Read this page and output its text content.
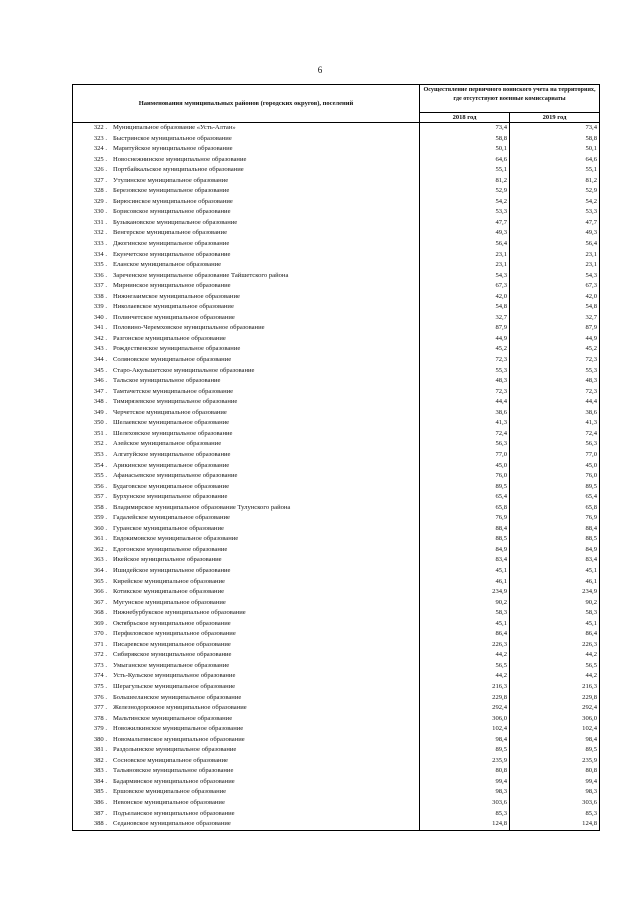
6
Наименования муниципальных районов (городских округов), поселений
Осуществление первичного воинского учета на территориях, где отсутствуют военные комиссариаты
2018 год	2019 год
322 . Муниципальное образование «Усть-Алтан»	73,4	73,4
323 . Быстринское муниципальное образование	58,8	58,8
324 . Маритуйское муниципальное образование	50,1	50,1
325 . Новоснежнинское муниципальное образование	64,6	64,6
326 . Портбайкальское муниципальное образование	55,1	55,1
327 . Утулинское муниципальное образование	81,2	81,2
328 . Березовское муниципальное образование	52,9	52,9
329 . Бирюсинское муниципальное образование	54,2	54,2
330 . Борисовское муниципальное образование	53,3	53,3
331 . Бузыкановское муниципальное образование	47,7	47,7
332 . Венгерское муниципальное образование	49,3	49,3
333 . Джогинское муниципальное образование	56,4	56,4
334 . Екунчетское муниципальное образование	23,1	23,1
335 . Еланское муниципальное образование	23,1	23,1
336 . Зареченское муниципальное образование Тайшетского района	54,3	54,3
337 . Мирнинское муниципальное образование	67,3	67,3
338 . Нижнезаимское муниципальное образование	42,0	42,0
339 . Николаевское муниципальное образование	54,8	54,8
340 . Полинчетское муниципальное образование	32,7	32,7
341 . Половино-Черемховское муниципальное образование	87,9	87,9
342 . Разгонское муниципальное образование	44,9	44,9
343 . Рождественское муниципальное образование	45,2	45,2
344 . Соляновское муниципальное образование	72,3	72,3
345 . Старо-Акульшетское муниципальное образование	55,3	55,3
346 . Тальское муниципальное образование	48,3	48,3
347 . Тамтачетское муниципальное образование	72,3	72,3
348 . Тимирязевское муниципальное образование	44,4	44,4
349 . Черчетское муниципальное образование	38,6	38,6
350 . Шелаевское муниципальное образование	41,3	41,3
351 . Шелеховское муниципальное образование	72,4	72,4
352 . Азейское муниципальное образование	56,3	56,3
353 . Алгатуйское муниципальное образование	77,0	77,0
354 . Арикинское муниципальное образование	45,0	45,0
355 . Афанасьевское муниципальное образование	76,0	76,0
356 . Будаговское муниципальное образование	89,5	89,5
357 . Бурхунское муниципальное образование	65,4	65,4
358 . Владимирское муниципальное образование Тулунского района	65,8	65,8
359 . Гадалейское муниципальное образование	76,9	76,9
360 . Гуранское муниципальное образование	88,4	88,4
361 . Евдокимовское муниципальное образование	88,5	88,5
362 . Едогонское муниципальное образование	84,9	84,9
363 . Икейское муниципальное образование	83,4	83,4
364 . Ишидейское муниципальное образование	45,1	45,1
365 . Кирейское муниципальное образование	46,1	46,1
366 . Котикское муниципальное образование	234,9	234,9
367 . Мугунское муниципальное образование	90,2	90,2
368 . Нижнебурбукское муниципальное образование	58,3	58,3
369 . Октябрьское муниципальное образование	45,1	45,1
370 . Перфиловское муниципальное образование	86,4	86,4
371 . Писаревское муниципальное образование	226,3	226,3
372 . Сибирякское муниципальное образование	44,2	44,2
373 . Умыганское муниципальное образование	56,5	56,5
374 . Усть-Кульское муниципальное образование	44,2	44,2
375 . Шерагульское муниципальное образование	216,3	216,3
376 . Большееланское муниципальное образование	229,8	229,8
377 . Железнодорожное муниципальное образование	292,4	292,4
378 . Мальтинское муниципальное образование	306,0	306,0
379 . Новожилкинское муниципальное образование	102,4	102,4
380 . Новомальтинское муниципальное образование	98,4	98,4
381 . Раздольинское муниципальное образование	89,5	89,5
382 . Сосновское муниципальное образование	235,9	235,9
383 . Тальяновское муниципальное образование	80,8	80,8
384 . Бадарминское муниципальное образование	99,4	99,4
385 . Ершовское муниципальное образование	98,3	98,3
386 . Невонское муниципальное образование	303,6	303,6
387 . Подъеланское муниципальное образование	85,3	85,3
388 . Седановское муниципальное образование	124,8	124,8
